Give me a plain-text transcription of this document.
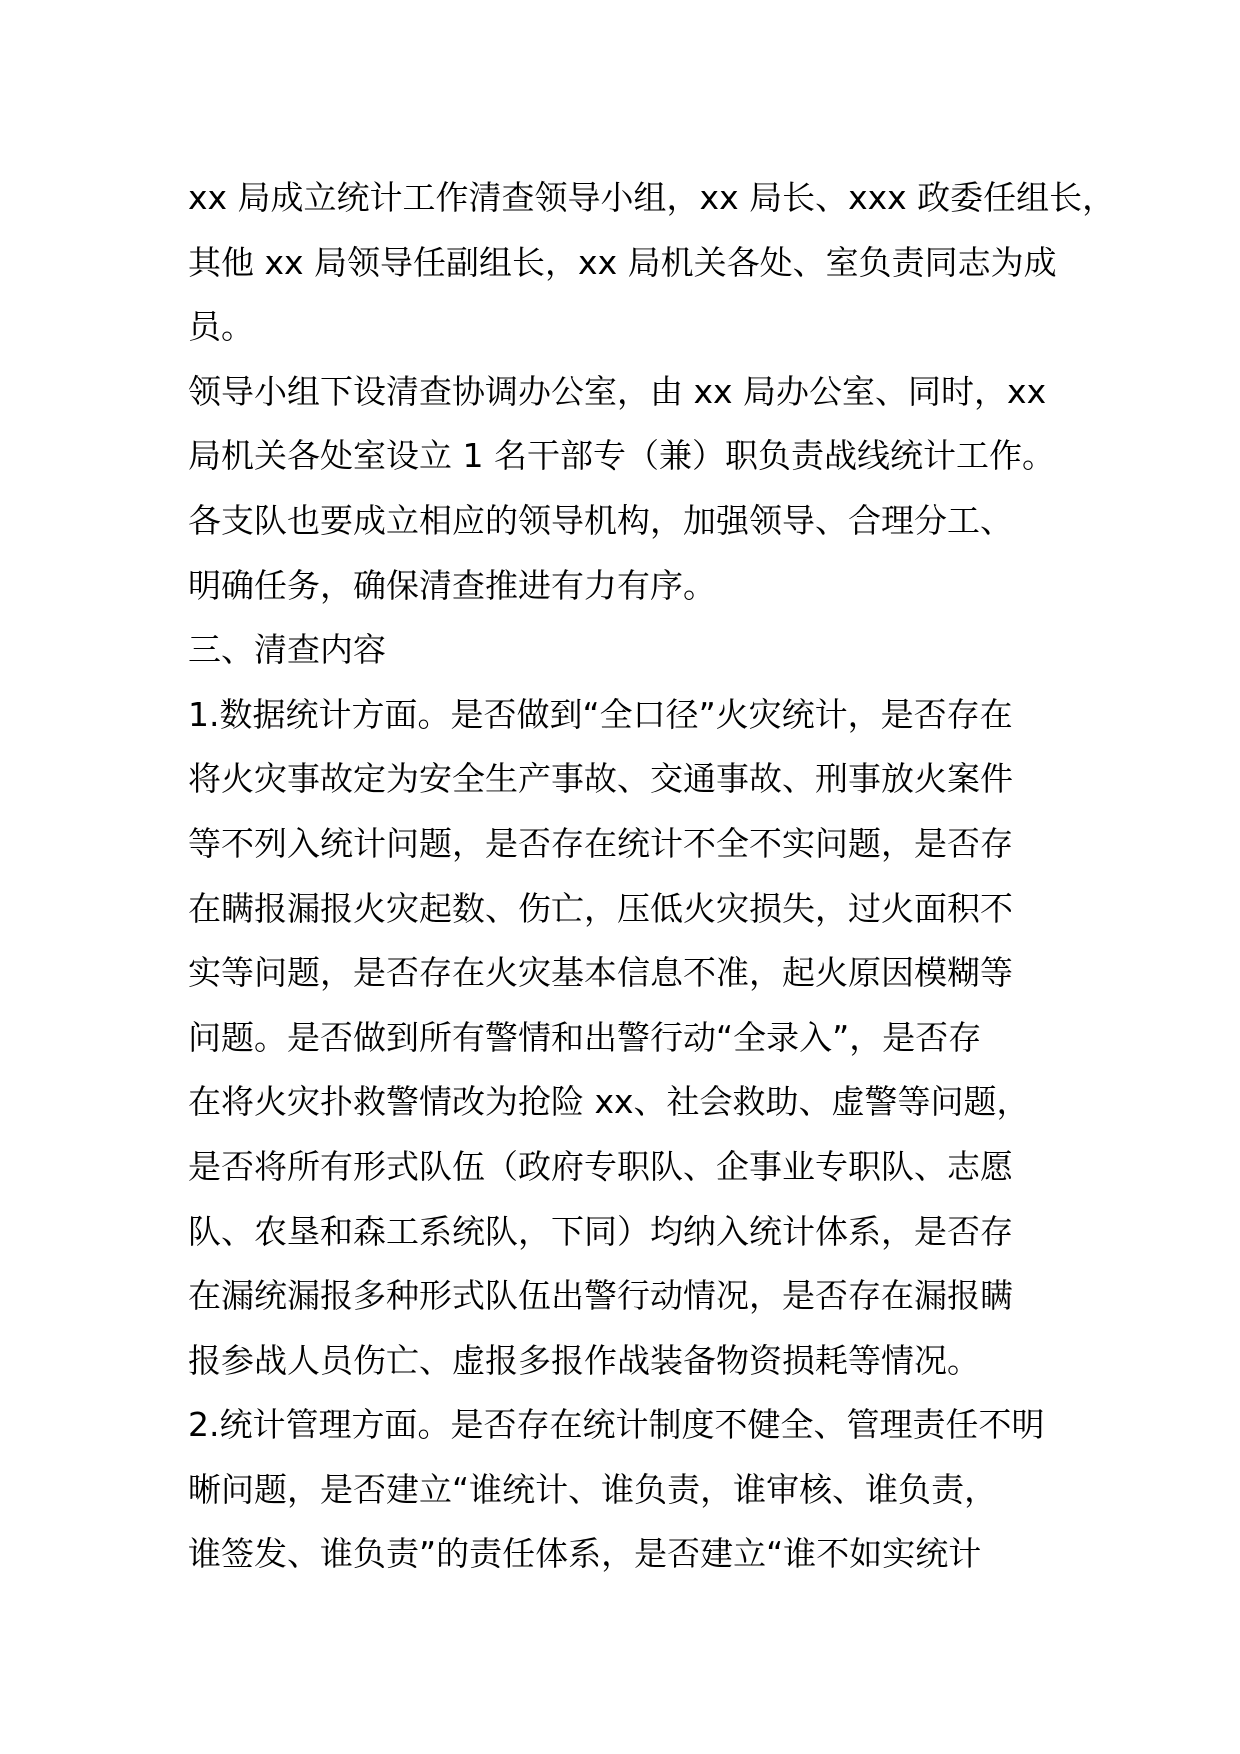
xx 局成立统计工作清查领导小组，xx 局长、xxx 政委任组长，
其他 xx 局领导任副组长，xx 局机关各处、室负责同志为成
员。
领导小组下设清查协调办公室，由 xx 局办公室、同时，xx
局机关各处室设立 1 名干部专（兼）职负责战线统计工作。
各支队也要成立相应的领导机构，加强领导、合理分工、
明确任务，确保清查推进有力有序。
三、清查内容
1.数据统计方面。是否做到“全口径”火灾统计，是否存在
将火灾事故定为安全生产事故、交通事故、刑事放火案件
等不列入统计问题，是否存在统计不全不实问题，是否存
在瞒报漏报火灾起数、伤亡，压低火灾损失，过火面积不
实等问题，是否存在火灾基本信息不准，起火原因模糊等
问题。是否做到所有警情和出警行动“全录入”，是否存
在将火灾扑救警情改为抢险 xx、社会救助、虚警等问题，
是否将所有形式队伍（政府专职队、企事业专职队、志愿
队、农垦和森工系统队，下同）均纳入统计体系，是否存
在漏统漏报多种形式队伍出警行动情况，是否存在漏报瞒
报参战人员伤亡、虚报多报作战装备物资损耗等情况。
2.统计管理方面。是否存在统计制度不健全、管理责任不明
晰问题，是否建立“谁统计、谁负责，谁审核、谁负责，
谁签发、谁负责”的责任体系，是否建立“谁不如实统计
